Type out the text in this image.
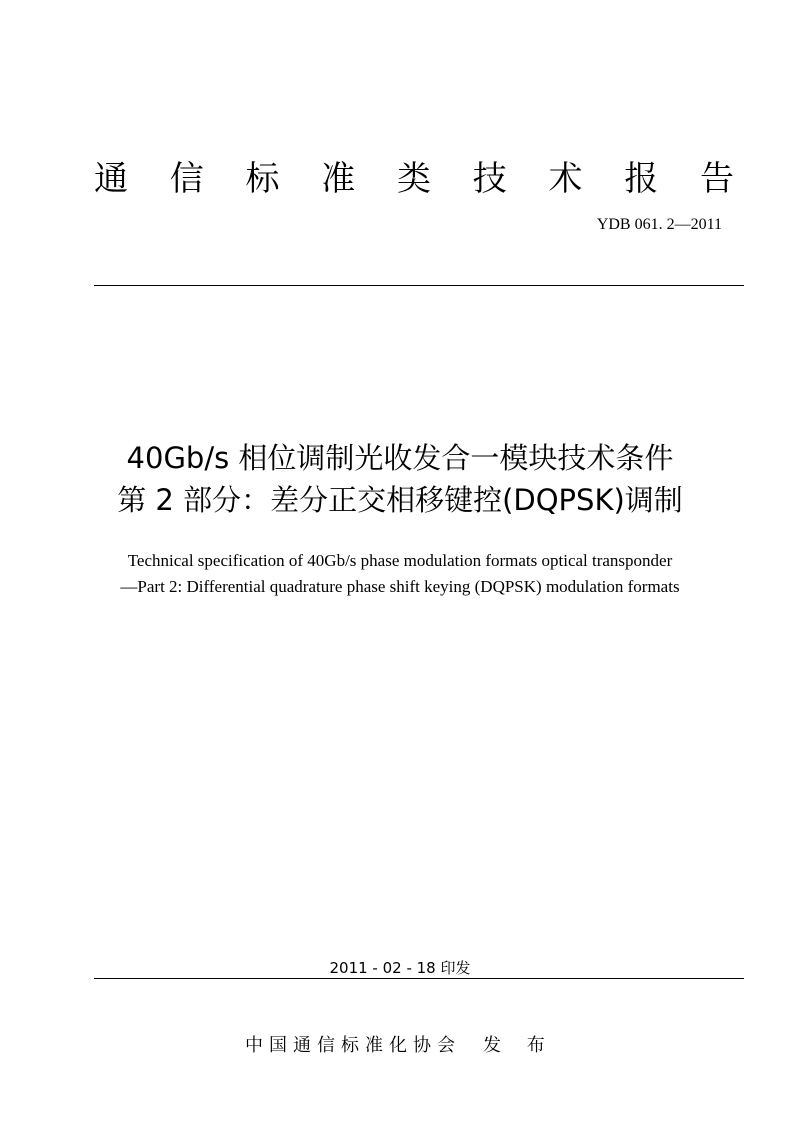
通 信 标 准 类 技 术 报 告
YDB 061. 2—2011
40Gb/s 相位调制光收发合一模块技术条件
第 2 部分：差分正交相移键控(DQPSK)调制
Technical specification of 40Gb/s phase modulation formats optical transponder
—Part 2: Differential quadrature phase shift keying (DQPSK) modulation formats
2011 - 02 - 18 印发
中国通信标准化协会 发 布
